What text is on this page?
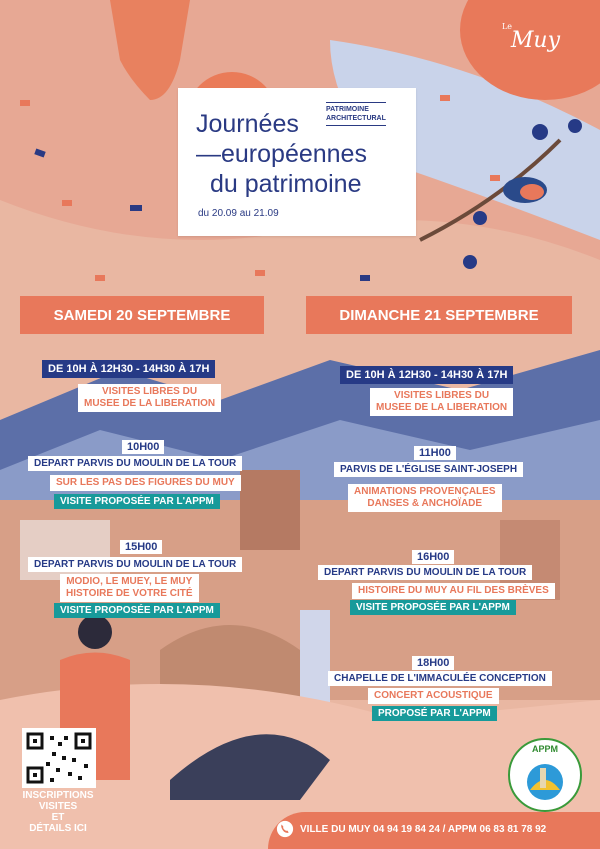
Le
Muy
PATRIMOINE
ARCHITECTURAL
Journées
—européennes
du patrimoine
du 20.09 au 21.09
SAMEDI 20 SEPTEMBRE	DIMANCHE 21 SEPTEMBRE
DE 10H À 12H30 - 14H30 À 17H
VISITES LIBRES DU
MUSEE DE LA LIBERATION
10H00
DEPART PARVIS DU MOULIN DE LA TOUR
SUR LES PAS DES FIGURES DU MUY
VISITE PROPOSÉE PAR L'APPM
15H00
DEPART PARVIS DU MOULIN DE LA TOUR
MODIO, LE MUEY, LE MUY
HISTOIRE DE VOTRE CITÉ
VISITE PROPOSÉE PAR L'APPM
DE 10H À 12H30 - 14H30 À 17H
VISITES LIBRES DU
MUSEE DE LA LIBERATION
11H00
PARVIS DE L'ÉGLISE SAINT-JOSEPH
ANIMATIONS PROVENÇALES
DANSES & ANCHOÏADE
16H00
DEPART PARVIS DU MOULIN DE LA TOUR
HISTOIRE DU MUY AU FIL DES BRÈVES
VISITE PROPOSÉE PAR L'APPM
18H00
CHAPELLE DE L'IMMACULÉE CONCEPTION
CONCERT ACOUSTIQUE
PROPOSÉ PAR L'APPM
INSCRIPTIONS
VISITES
ET
DÉTAILS ICI
APPM
VILLE DU MUY 04 94 19 84 24 / APPM 06 83 81 78 92
